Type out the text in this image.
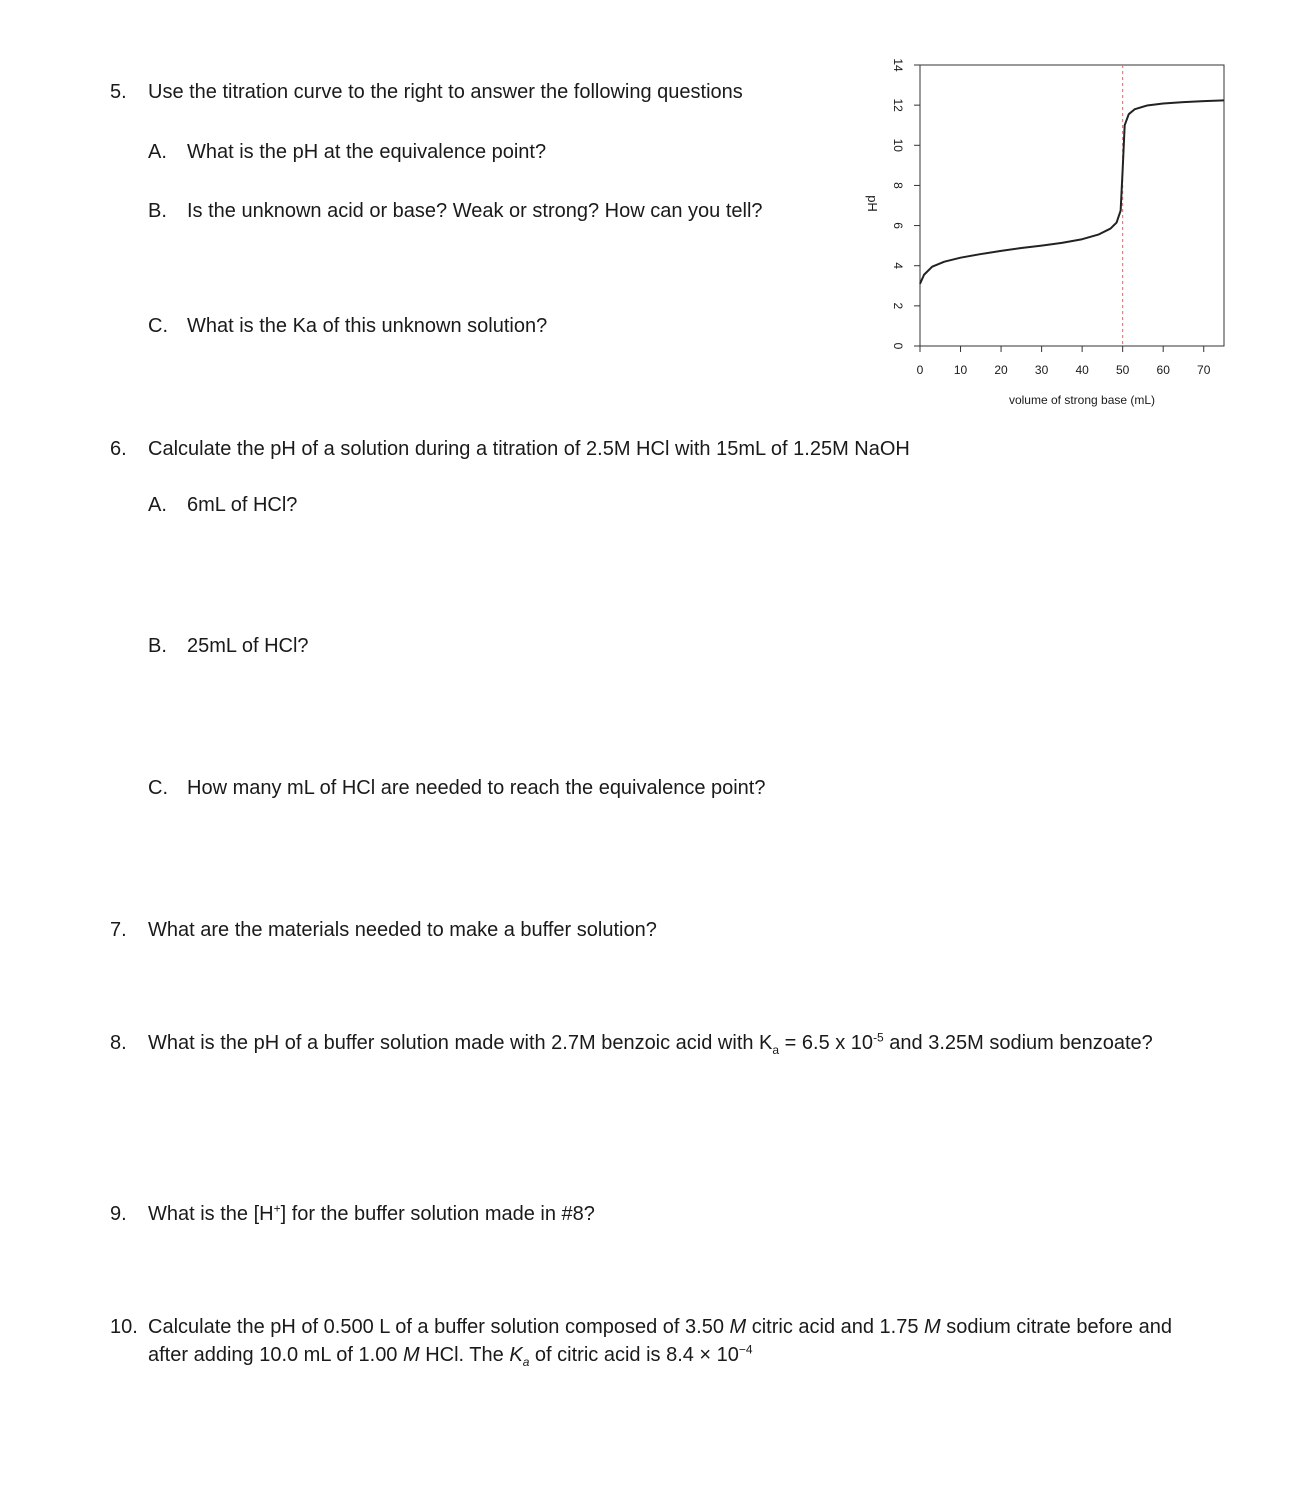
5. Use the titration curve to the right to answer the following questions
A. What is the pH at the equivalence point?
B. Is the unknown acid or base? Weak or strong? How can you tell?
C. What is the Ka of this unknown solution?
0	10 20 30 40 50 60 70
0
2
4
6
8
10
12
14
volume of strong base (mL)
pH
6. Calculate the pH of a solution during a titration of 2.5M HCl with 15mL of 1.25M NaOH
A. 6mL of HCl?
B. 25mL of HCl?
C. How many mL of HCl are needed to reach the equivalence point?
7. What are the materials needed to make a buffer solution?
8. What is the pH of a buffer solution made with 2.7M benzoic acid with $K_a = 6.5$ x $10^{-5}$ and 3.25M sodium benzoate?
9. What is the [H+] for the buffer solution made in #8?
10. Calculate the pH of 0.500 L of a buffer solution composed of 3.50 M citric acid and 1.75 M sodium citrate before and after adding 10.0 mL of 1.00 M HCl. The $K_a$ of citric acid is $8.4 \times 10^{-4}$
